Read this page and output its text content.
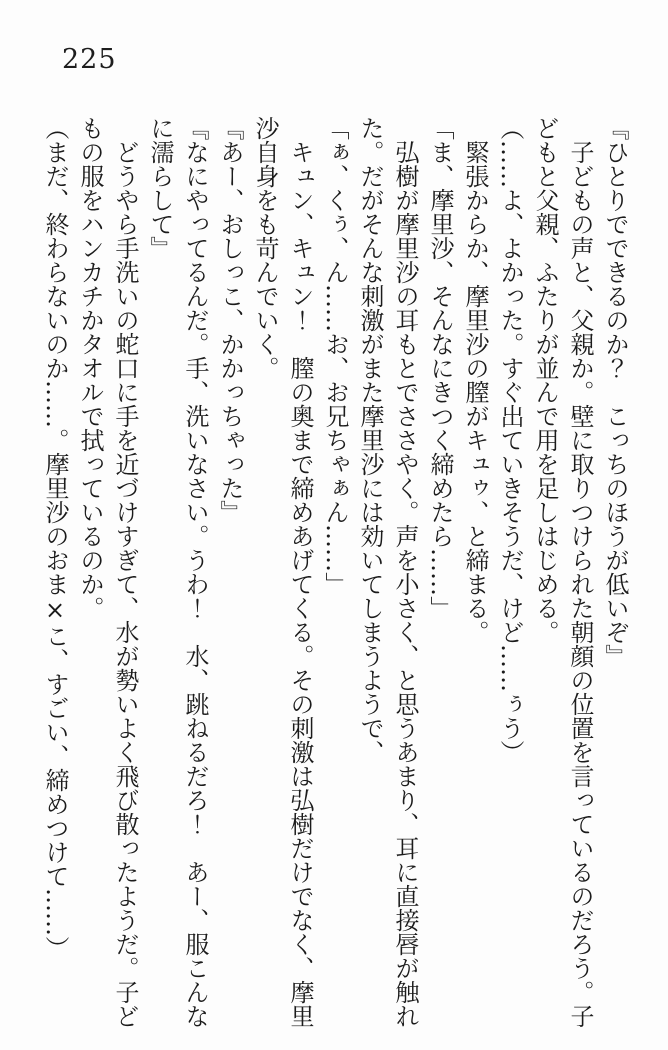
225

『ひとりでできるのか？　こっちのほうが低いぞ』

　子どもの声と、父親か。壁に取りつけられた朝顔の位置を言っているのだろう。子

どもと父親、ふたりが並んで用を足しはじめる。

（……よ、よかった。すぐ出ていきそうだ、けど……ぅう）

　緊張からか、摩里沙の膣がキュゥ、と締まる。

「ま、摩里沙、そんなにきつく締めたら……」

　弘樹が摩里沙の耳もとでささやく。声を小さく、と思うあまり、耳に直接唇が触れ

た。だがそんな刺激がまた摩里沙には効いてしまうようで、

「ぁ、くぅ、ん……お、お兄ちゃぁん……」

　キュン、キュン！　膣の奥まで締めあげてくる。その刺激は弘樹だけでなく、摩里

沙自身をも苛んでいく。

『あー、おしっこ、かかっちゃった』

『なにやってるんだ。手、洗いなさい。うわ！　水、跳ねるだろ！　あー、服こんな

に濡らして』

　どうやら手洗いの蛇口に手を近づけすぎて、水が勢いよく飛び散ったようだ。子ど

もの服をハンカチかタオルで拭っているのか。

（まだ、終わらないのか……。摩里沙のおま×こ、すごい、締めつけて……）
